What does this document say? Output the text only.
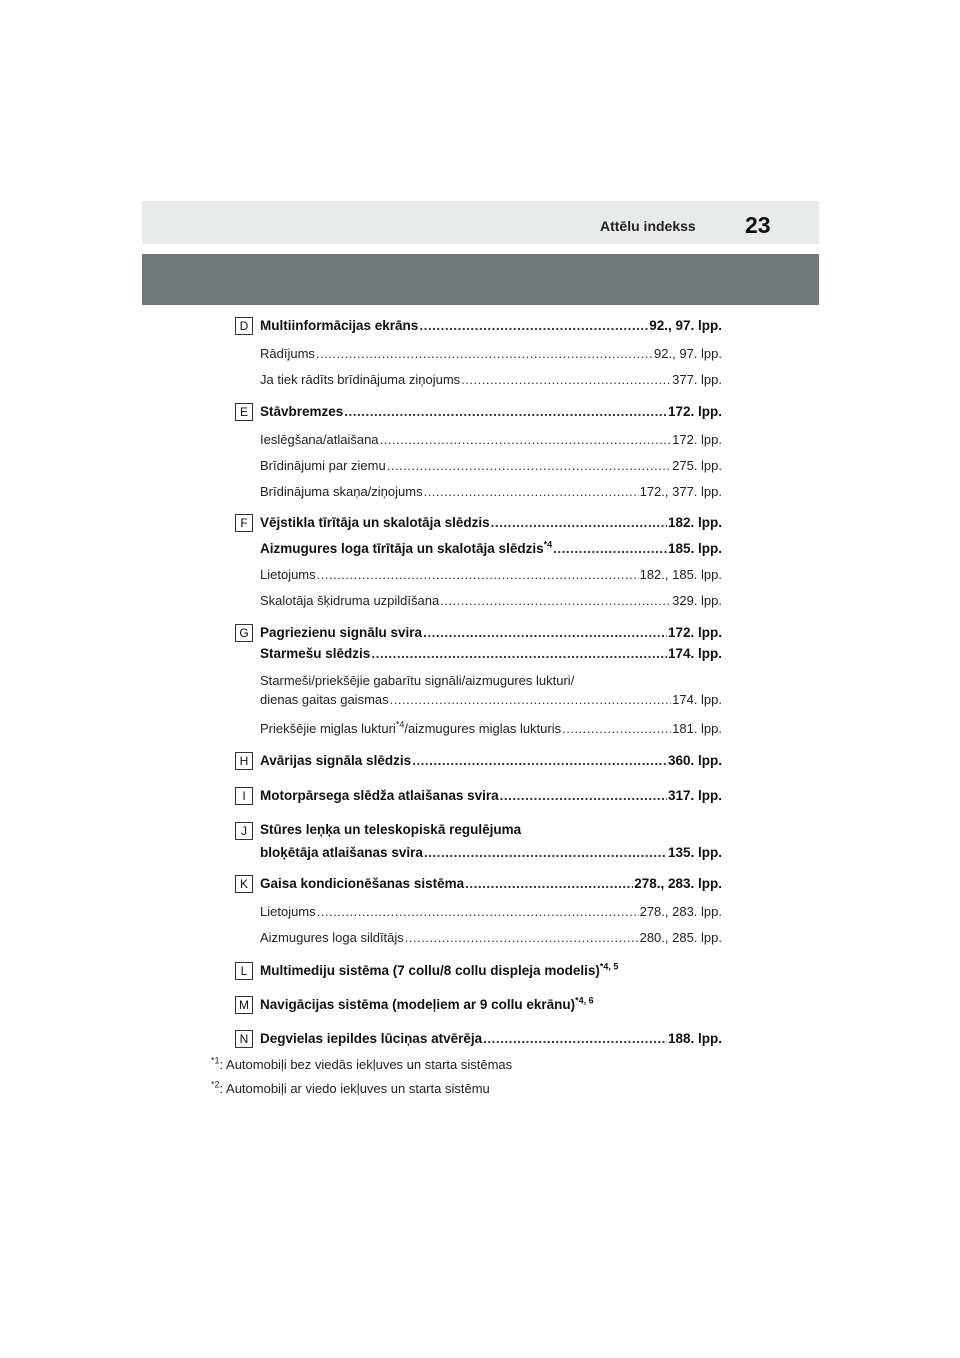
Attēlu indekss 23
D Multiinformācijas ekrāns .....	92., 97. lpp.
Rādījums .....	92., 97. lpp.
Ja tiek rādīts brīdinājuma ziņojums .....	377. lpp.
E Stāvbremzes .....	172. lpp.
Ieslēgšana/atlaišana .....	172. lpp.
Brīdinājumi par ziemu .....	275. lpp.
Brīdinājuma skaņa/ziņojums .....	172., 377. lpp.
F Vējstikla tīrītāja un skalotāja slēdzis .....	182. lpp.
Aizmugures loga tīrītāja un skalotāja slēdzis$^{*4}$ .....	185. lpp.
Lietojums .....	182., 185. lpp.
Skalotāja šķidruma uzpildīšana .....	329. lpp.
G Pagriezienu signālu svira .....	172. lpp.
Starmešu slēdzis .....	174. lpp.
Starmeši/priekšējie gabarītu signāli/aizmugures lukturi/
dienas gaitas gaismas .....	174. lpp.
Priekšējie miglas lukturi$^{*4}$/aizmugures miglas lukturis .....	181. lpp.
H Avārijas signāla slēdzis .....	360. lpp.
I	Motorpārsega slēdža atlaišanas svira .....	317. lpp.
J Stūres leņķa un teleskopiskā regulējuma
bloķētāja atlaišanas svira .....	135. lpp.
K Gaisa kondicionēšanas sistēma .....	278., 283. lpp.
Lietojums .....	278., 283. lpp.
Aizmugures loga sildītājs .....	280., 285. lpp.
L Multimediju sistēma (7 collu/8 collu displeja modelis)$^{*4, 5}$
M Navigācijas sistēma (modeļiem ar 9 collu ekrānu)$^{*4, 6}$
N Degvielas iepildes lūciņas atvērēja .....	188. lpp.
$^{*1}$: Automobiļi bez viedās iekļuves un starta sistēmas
$^{*2}$: Automobiļi ar viedo iekļuves un starta sistēmu
